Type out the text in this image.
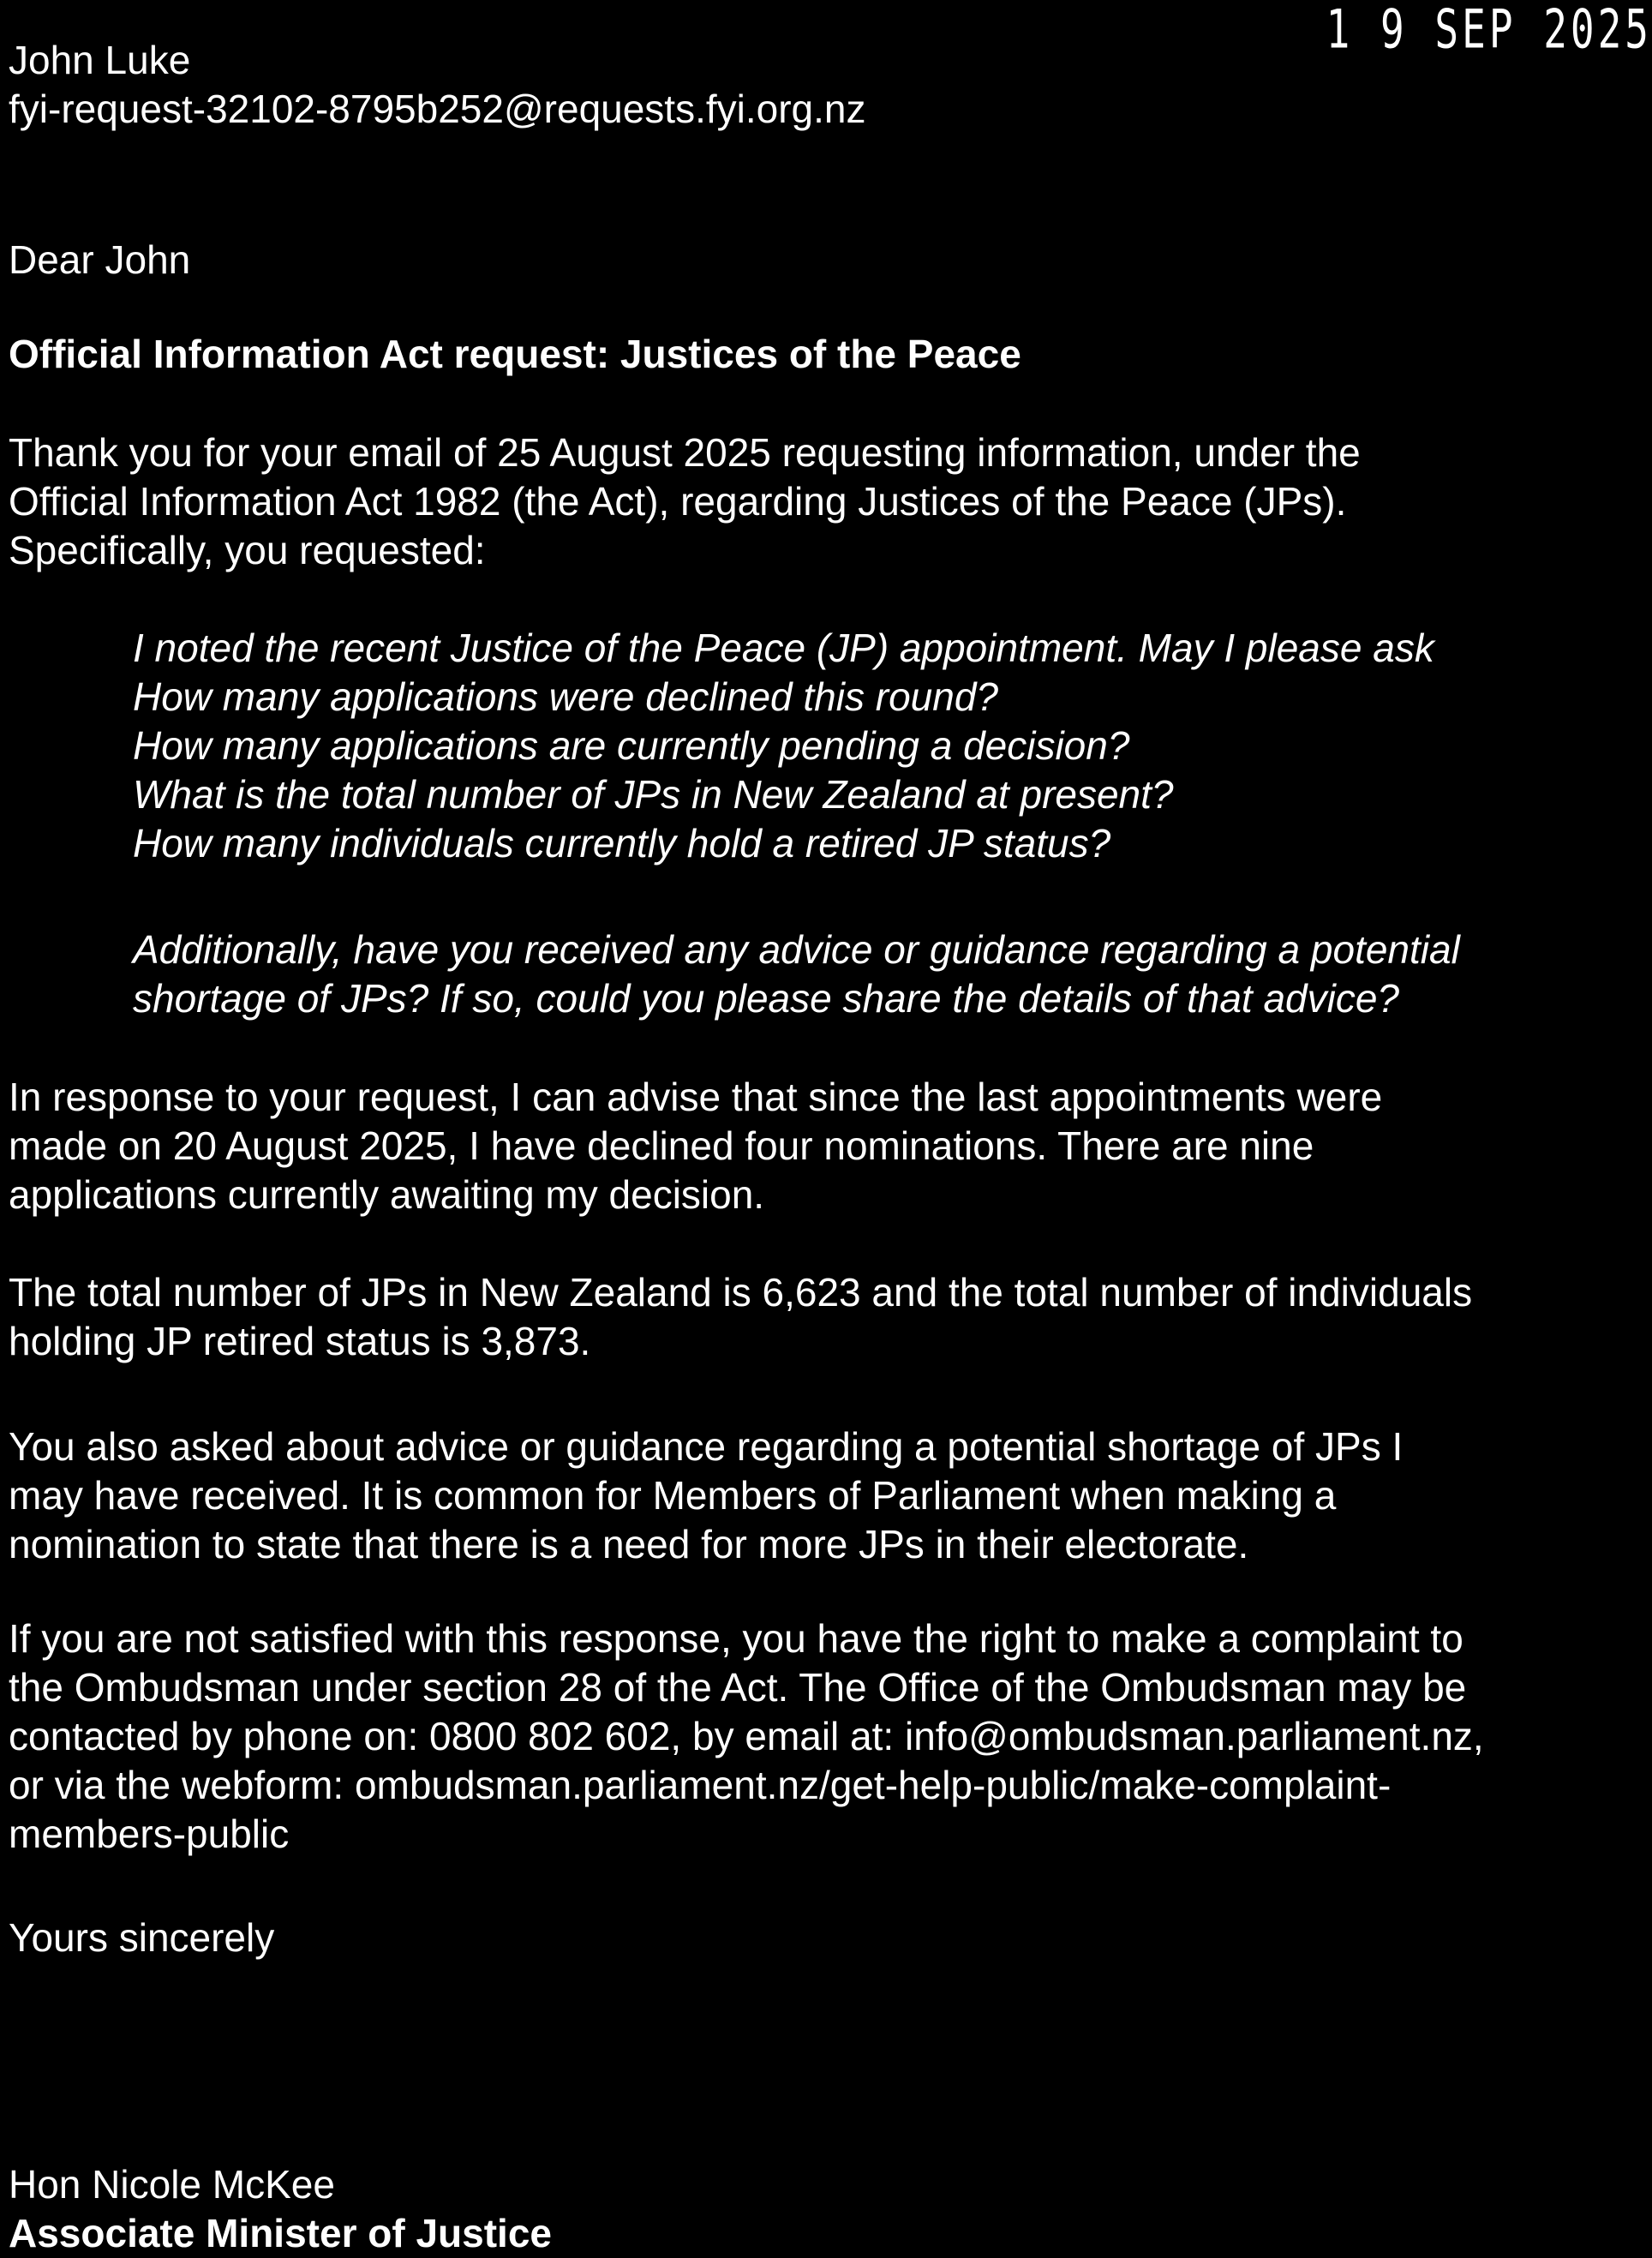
1 9 SEP 2025
John Luke
fyi-request-32102-8795b252@requests.fyi.org.nz
Dear John
Official Information Act request: Justices of the Peace
Thank you for your email of 25 August 2025 requesting information, under the
Official Information Act 1982 (the Act), regarding Justices of the Peace (JPs).
Specifically, you requested:
I noted the recent Justice of the Peace (JP) appointment. May I please ask
How many applications were declined this round?
How many applications are currently pending a decision?
What is the total number of JPs in New Zealand at present?
How many individuals currently hold a retired JP status?
Additionally, have you received any advice or guidance regarding a potential
shortage of JPs? If so, could you please share the details of that advice?
In response to your request, I can advise that since the last appointments were
made on 20 August 2025, I have declined four nominations. There are nine
applications currently awaiting my decision.
The total number of JPs in New Zealand is 6,623 and the total number of individuals
holding JP retired status is 3,873.
You also asked about advice or guidance regarding a potential shortage of JPs I
may have received. It is common for Members of Parliament when making a
nomination to state that there is a need for more JPs in their electorate.
If you are not satisfied with this response, you have the right to make a complaint to
the Ombudsman under section 28 of the Act. The Office of the Ombudsman may be
contacted by phone on: 0800 802 602, by email at: info@ombudsman.parliament.nz,
or via the webform: ombudsman.parliament.nz/get-help-public/make-complaint-
members-public
Yours sincerely
Hon Nicole McKee
Associate Minister of Justice
